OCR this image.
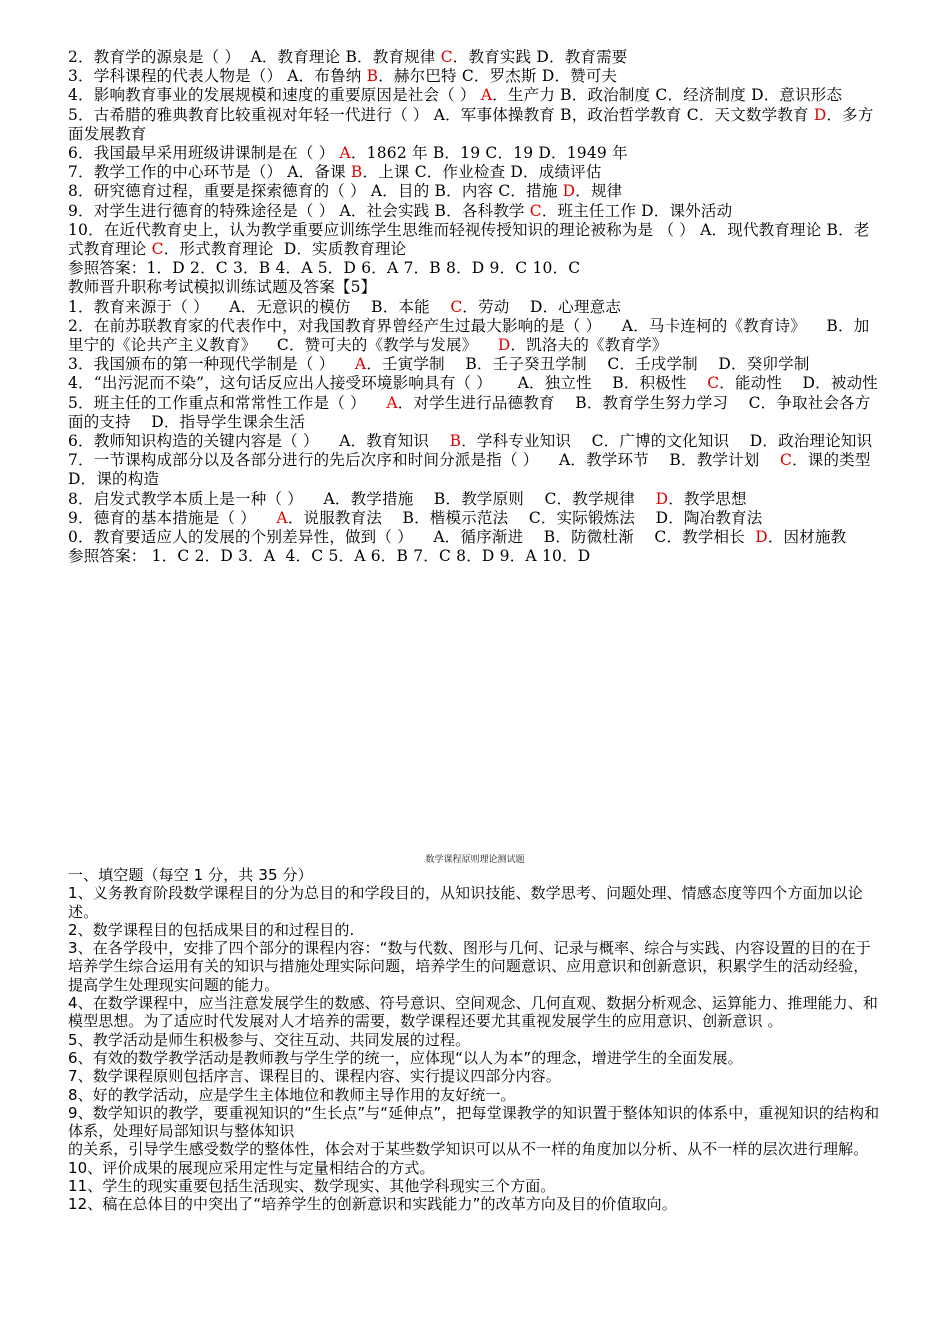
2．教育学的源泉是（ ）  A．教育理论 B．教育规律 C．教育实践 D．教育需要
3．学科课程的代表人物是（） A．布鲁纳 B．赫尔巴特 C．罗杰斯 D．赞可夫
4．影响教育事业的发展规模和速度的重要原因是社会（ ） A．生产力 B．政治制度 C．经济制度 D．意识形态
5．古希腊的雅典教育比较重视对年轻一代进行（ ） A．军事体操教育 B，政治哲学教育 C．天文数学教育 D．多方面发展教育
6．我国最早采用班级讲课制是在（ ） A．1862 年 B．19 C．19 D．1949 年
7．教学工作的中心环节是（） A．备课 B．上课 C．作业检查 D．成绩评估
8．研究德育过程，重要是探索德育的（ ） A．目的 B．内容 C．措施 D．规律
9．对学生进行德育的特殊途径是（ ） A．社会实践 B．各科教学 C．班主任工作 D．课外活动
10．在近代教育史上，认为教学重要应训练学生思维而轻视传授知识的理论被称为是 （ ） A．现代教育理论 B．老式教育理论 C．形式教育理论  D．实质教育理论
参照答案：1．D 2．C 3．B 4．A 5．D 6．A 7．B 8．D 9．C 10．C
教师晋升职称考试模拟训练试题及答案【5】
1．教育来源于（ ）    A．无意识的模仿    B．本能    C．劳动    D．心理意志
2．在前苏联教育家的代表作中，对我国教育界曾经产生过最大影响的是（ ）    A．马卡连柯的《教育诗》    B．加里宁的《论共产主义教育》    C．赞可夫的《教学与发展》    D．凯洛夫的《教育学》
3．我国颁布的第一种现代学制是（ ）    A．壬寅学制    B．壬子癸丑学制    C．壬戌学制    D．癸卯学制
4．“出污泥而不染”，这句话反应出人接受环境影响具有（ ）     A．独立性    B．积极性    C．能动性    D．被动性
5．班主任的工作重点和常常性工作是（ ）    A．对学生进行品德教育    B．教育学生努力学习    C．争取社会各方面的支持    D．指导学生课余生活
6．教师知识构造的关键内容是（ ）    A．教育知识    B．学科专业知识    C．广博的文化知识    D．政治理论知识
7．一节课构成部分以及各部分进行的先后次序和时间分派是指（ ）    A．教学环节    B．教学计划    C．课的类型    D．课的构造
8．启发式教学本质上是一种（ ）    A．教学措施    B．教学原则    C．教学规律    D．教学思想
9．德育的基本措施是（ ）    A．说服教育法    B．楷模示范法    C．实际锻炼法    D．陶冶教育法
0．教育要适应人的发展的个别差异性，做到（ ）    A．循序渐进    B．防微杜渐    C．教学相长  D．因材施教
参照答案： 1．C 2．D 3．A  4．C 5．A 6．B 7．C 8．D 9．A 10．D
数学课程原则理论测试题
一、填空题（每空 1 分，共 35 分）
1、义务教育阶段数学课程目的分为总目的和学段目的，从知识技能、数学思考、问题处理、情感态度等四个方面加以论述。
2、数学课程目的包括成果目的和过程目的.
3、在各学段中，安排了四个部分的课程内容：“数与代数、图形与几何、记录与概率、综合与实践、内容设置的目的在于培养学生综合运用有关的知识与措施处理实际问题，培养学生的问题意识、应用意识和创新意识，积累学生的活动经验，提高学生处理现实问题的能力。
4、在数学课程中，应当注意发展学生的数感、符号意识、空间观念、几何直观、数据分析观念、运算能力、推理能力、和模型思想。为了适应时代发展对人才培养的需要，数学课程还要尤其重视发展学生的应用意识、创新意识 。
5、教学活动是师生积极参与、交往互动、共同发展的过程。
6、有效的数学教学活动是教师教与学生学的统一，应体现“以人为本”的理念，增进学生的全面发展。
7、数学课程原则包括序言、课程目的、课程内容、实行提议四部分内容。
8、好的教学活动，应是学生主体地位和教师主导作用的友好统一。
9、数学知识的教学，要重视知识的“生长点”与“延伸点”，把每堂课教学的知识置于整体知识的体系中，重视知识的结构和体系，处理好局部知识与整体知识
的关系，引导学生感受数学的整体性，体会对于某些数学知识可以从不一样的角度加以分析、从不一样的层次进行理解。
10、评价成果的展现应采用定性与定量相结合的方式。
11、学生的现实重要包括生活现实、数学现实、其他学科现实三个方面。
12、稿在总体目的中突出了“培养学生的创新意识和实践能力”的改革方向及目的价值取向。
